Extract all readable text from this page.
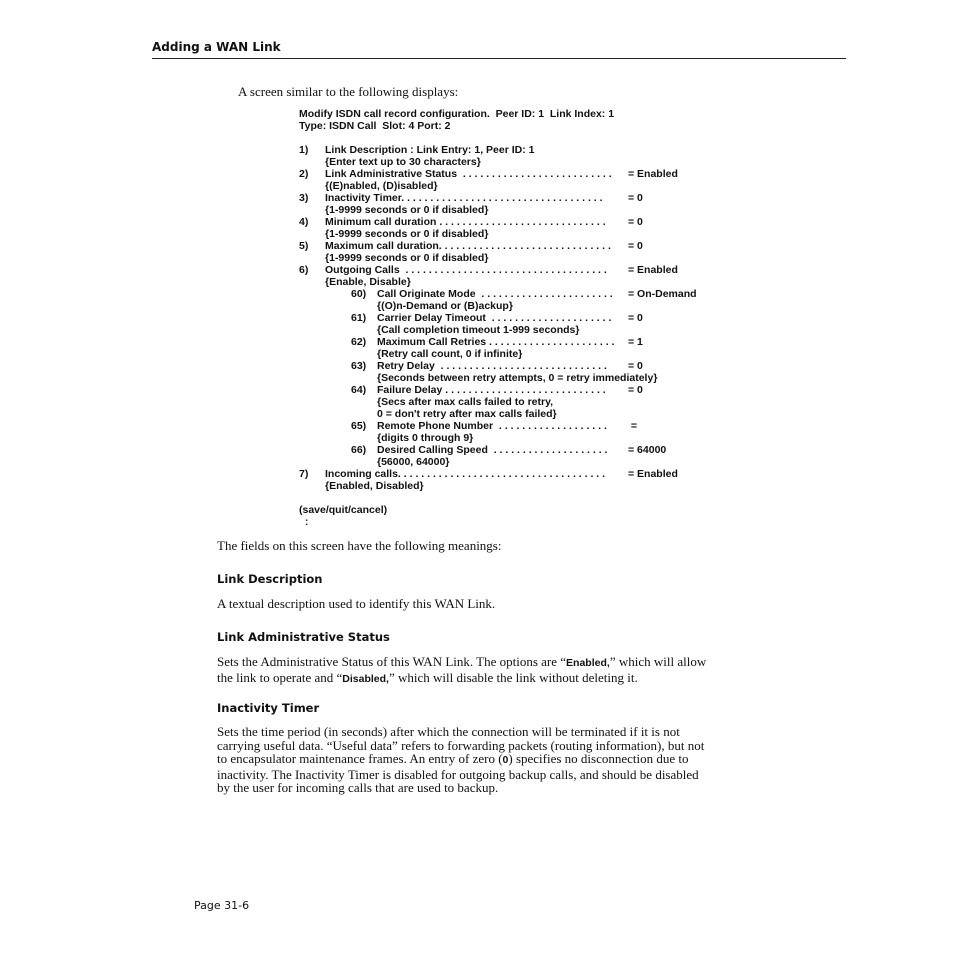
Adding a WAN Link
A screen similar to the following displays:
Modify ISDN call record configuration.  Peer ID: 1  Link Index: 1
Type: ISDN Call  Slot: 4 Port: 2
1) Link Description : Link Entry: 1, Peer ID: 1
{Enter text up to 30 characters}
2) Link Administrative Status  . . . . . . . . . . . . . . . . . . . . . . . . . . = Enabled
{(E)nabled, (D)isabled}
3) Inactivity Timer. . . . . . . . . . . . . . . . . . . . . . . . . . . . . . . . . . . = 0
{1-9999 seconds or 0 if disabled}
4) Minimum call duration . . . . . . . . . . . . . . . . . . . . . . . . . . . . . = 0
{1-9999 seconds or 0 if disabled}
5) Maximum call duration. . . . . . . . . . . . . . . . . . . . . . . . . . . . . . = 0
{1-9999 seconds or 0 if disabled}
6) Outgoing Calls  . . . . . . . . . . . . . . . . . . . . . . . . . . . . . . . . . . . = Enabled
{Enable, Disable}
60) Call Originate Mode  . . . . . . . . . . . . . . . . . . . . . . . = On-Demand
{(O)n-Demand or (B)ackup}
61) Carrier Delay Timeout  . . . . . . . . . . . . . . . . . . . . . = 0
{Call completion timeout 1-999 seconds}
62) Maximum Call Retries . . . . . . . . . . . . . . . . . . . . . . = 1
{Retry call count, 0 if infinite}
63) Retry Delay  . . . . . . . . . . . . . . . . . . . . . . . . . . . . . = 0
{Seconds between retry attempts, 0 = retry immediately}
64) Failure Delay . . . . . . . . . . . . . . . . . . . . . . . . . . . . = 0
{Secs after max calls failed to retry,
0 = don't retry after max calls failed}
65) Remote Phone Number  . . . . . . . . . . . . . . . . . . . =
{digits 0 through 9}
66) Desired Calling Speed  . . . . . . . . . . . . . . . . . . . . = 64000
{56000, 64000}
7) Incoming calls. . . . . . . . . . . . . . . . . . . . . . . . . . . . . . . . . . . . = Enabled
{Enabled, Disabled}
(save/quit/cancel)
:
The fields on this screen have the following meanings:
Link Description
A textual description used to identify this WAN Link.
Link Administrative Status
Sets the Administrative Status of this WAN Link. The options are “Enabled,” which will allow
the link to operate and “Disabled,” which will disable the link without deleting it.
Inactivity Timer
Sets the time period (in seconds) after which the connection will be terminated if it is not
carrying useful data. “Useful data” refers to forwarding packets (routing information), but not
to encapsulator maintenance frames. An entry of zero (0) specifies no disconnection due to
inactivity. The Inactivity Timer is disabled for outgoing backup calls, and should be disabled
by the user for incoming calls that are used to backup.
Page 31-6
